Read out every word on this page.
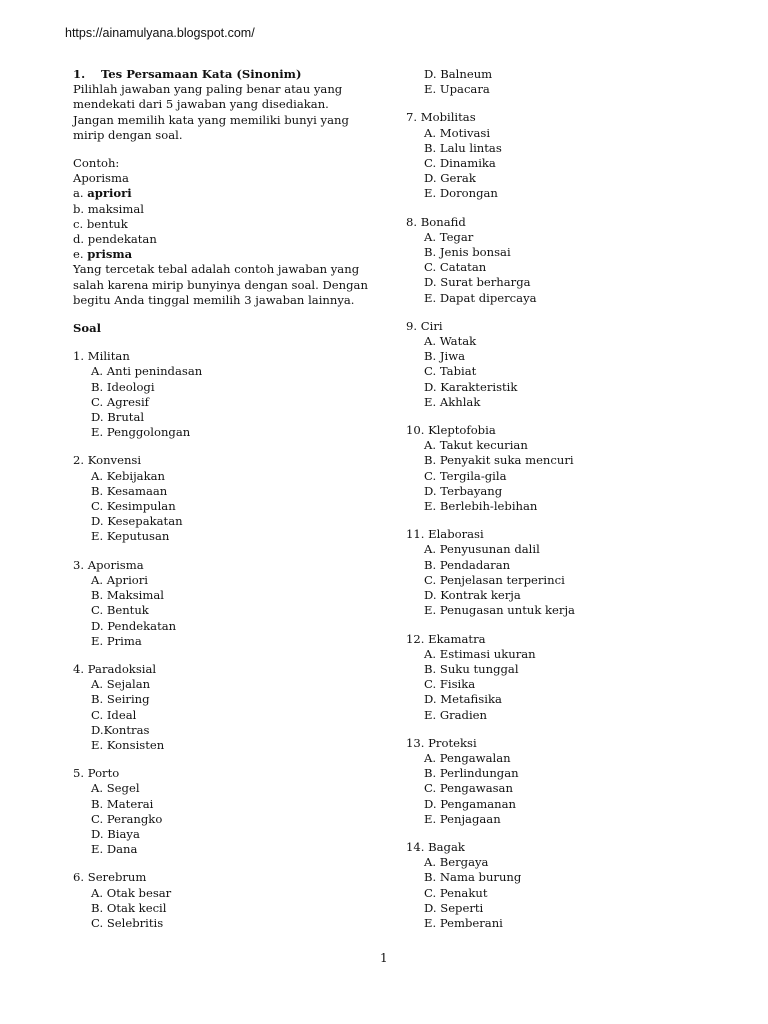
https://ainamulyana.blogspot.com/
1.	Tes Persamaan Kata (Sinonim)
Pilihlah jawaban yang paling benar atau yang
mendekati dari 5 jawaban yang disediakan.
Jangan memilih kata yang memiliki bunyi yang
mirip dengan soal.
Contoh:
Aporisma
a. apriori
b. maksimal
c. bentuk
d. pendekatan
e. prisma
Yang tercetak tebal adalah contoh jawaban yang
salah karena mirip bunyinya dengan soal. Dengan
begitu Anda tinggal memilih 3 jawaban lainnya.
Soal
1. Militan
A. Anti penindasan
B. Ideologi
C. Agresif
D. Brutal
E. Penggolongan
2. Konvensi
A. Kebijakan
B. Kesamaan
C. Kesimpulan
D. Kesepakatan
E. Keputusan
3. Aporisma
A. Apriori
B. Maksimal
C. Bentuk
D. Pendekatan
E. Prima
4. Paradoksial
A. Sejalan
B. Seiring
C. Ideal
D.Kontras
E. Konsisten
5. Porto
A. Segel
B. Materai
C. Perangko
D. Biaya
E. Dana
6. Serebrum
A. Otak besar
B. Otak kecil
C. Selebritis
D. Balneum
E. Upacara
7. Mobilitas
A. Motivasi
B. Lalu lintas
C. Dinamika
D. Gerak
E. Dorongan
8. Bonafid
A. Tegar
B. Jenis bonsai
C. Catatan
D. Surat berharga
E. Dapat dipercaya
9. Ciri
A. Watak
B. Jiwa
C. Tabiat
D. Karakteristik
E. Akhlak
10. Kleptofobia
A. Takut kecurian
B. Penyakit suka mencuri
C. Tergila-gila
D. Terbayang
E. Berlebih-lebihan
11. Elaborasi
A. Penyusunan dalil
B. Pendadaran
C. Penjelasan terperinci
D. Kontrak kerja
E. Penugasan untuk kerja
12. Ekamatra
A. Estimasi ukuran
B. Suku tunggal
C. Fisika
D. Metafisika
E. Gradien
13. Proteksi
A. Pengawalan
B. Perlindungan
C. Pengawasan
D. Pengamanan
E. Penjagaan
14. Bagak
A. Bergaya
B. Nama burung
C. Penakut
D. Seperti
E. Pemberani
1
